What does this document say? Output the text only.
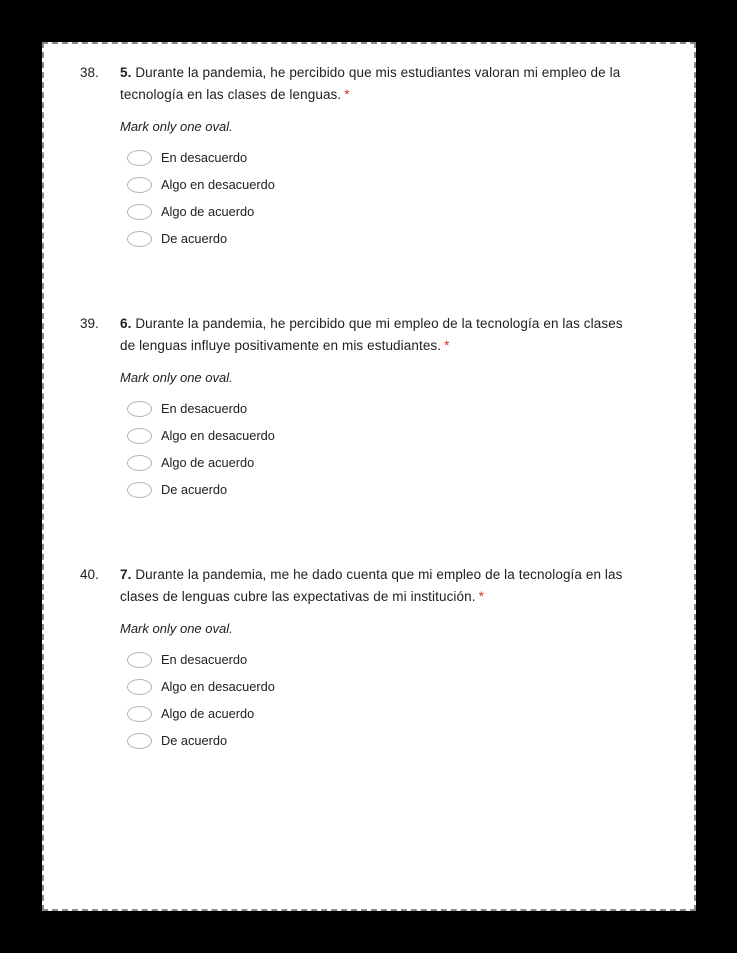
38.	5. Durante la pandemia, he percibido que mis estudiantes valoran mi empleo de la tecnología en las clases de lenguas. *
Mark only one oval.
En desacuerdo
Algo en desacuerdo
Algo de acuerdo
De acuerdo
39.	6. Durante la pandemia, he percibido que mi empleo de la tecnología en las clases de lenguas influye positivamente en mis estudiantes. *
Mark only one oval.
En desacuerdo
Algo en desacuerdo
Algo de acuerdo
De acuerdo
40.	7. Durante la pandemia, me he dado cuenta que mi empleo de la tecnología en las clases de lenguas cubre las expectativas de mi institución. *
Mark only one oval.
En desacuerdo
Algo en desacuerdo
Algo de acuerdo
De acuerdo
